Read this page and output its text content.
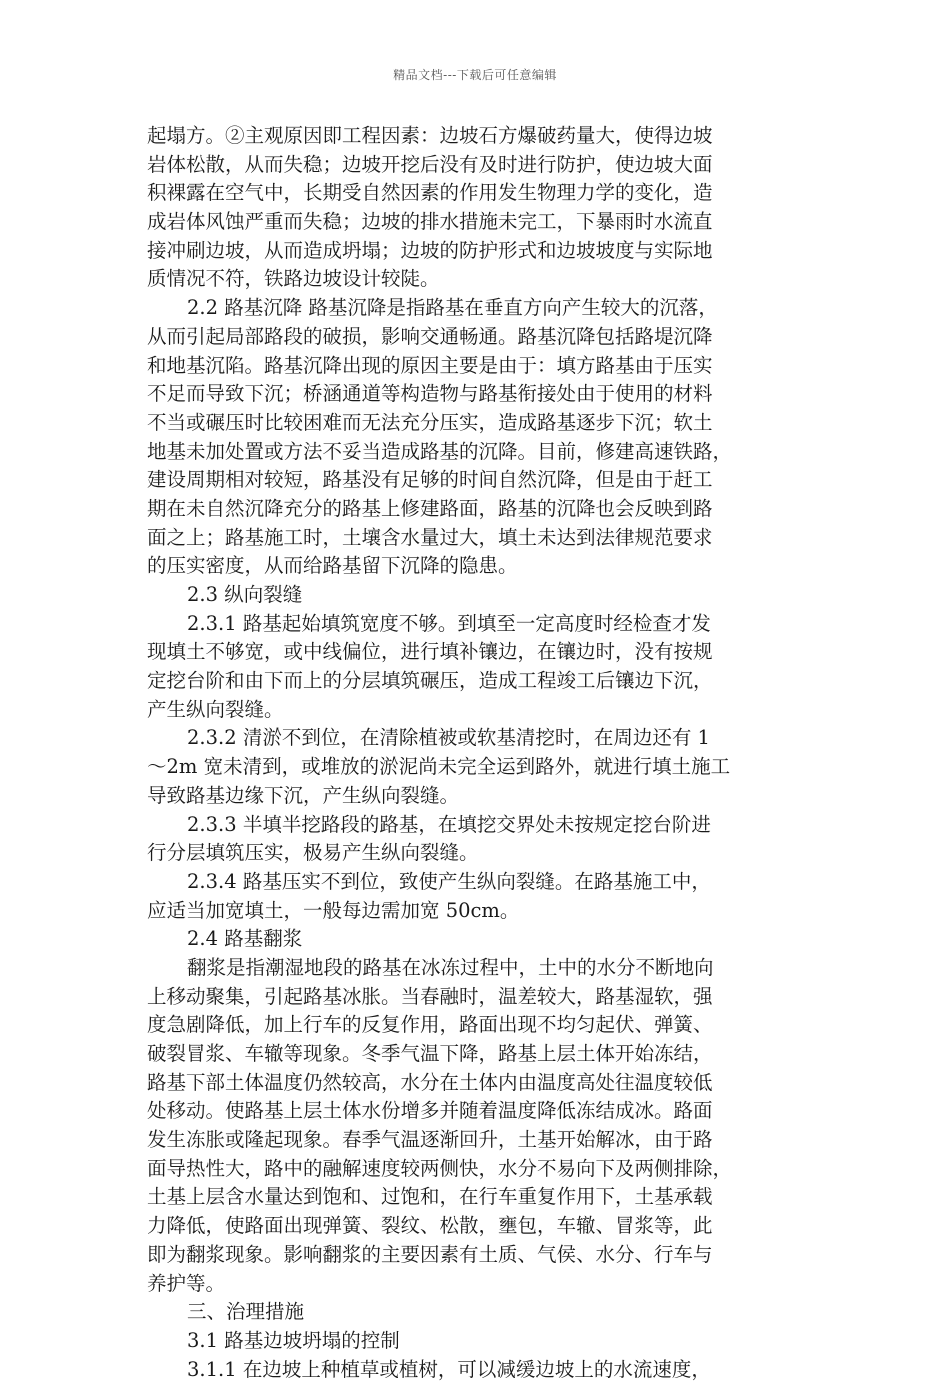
精品文档---下载后可任意编辑
起塌方。②主观原因即工程因素：边坡石方爆破药量大，使得边坡
岩体松散，从而失稳；边坡开挖后没有及时进行防护，使边坡大面
积裸露在空气中，长期受自然因素的作用发生物理力学的变化，造
成岩体风蚀严重而失稳；边坡的排水措施未完工，下暴雨时水流直
接冲刷边坡，从而造成坍塌；边坡的防护形式和边坡坡度与实际地
质情况不符，铁路边坡设计较陡。
2.2 路基沉降 路基沉降是指路基在垂直方向产生较大的沉落，
从而引起局部路段的破损，影响交通畅通。路基沉降包括路堤沉降
和地基沉陷。路基沉降出现的原因主要是由于：填方路基由于压实
不足而导致下沉；桥涵通道等构造物与路基衔接处由于使用的材料
不当或碾压时比较困难而无法充分压实，造成路基逐步下沉；软土
地基未加处置或方法不妥当造成路基的沉降。目前，修建高速铁路，
建设周期相对较短，路基没有足够的时间自然沉降，但是由于赶工
期在未自然沉降充分的路基上修建路面，路基的沉降也会反映到路
面之上；路基施工时，土壤含水量过大，填土未达到法律规范要求
的压实密度，从而给路基留下沉降的隐患。
2.3 纵向裂缝
2.3.1 路基起始填筑宽度不够。到填至一定高度时经检查才发
现填土不够宽，或中线偏位，进行填补镶边，在镶边时，没有按规
定挖台阶和由下而上的分层填筑碾压，造成工程竣工后镶边下沉，
产生纵向裂缝。
2.3.2 清淤不到位，在清除植被或软基清挖时，在周边还有 1
～2m 宽未清到，或堆放的淤泥尚未完全运到路外，就进行填土施工
导致路基边缘下沉，产生纵向裂缝。
2.3.3 半填半挖路段的路基，在填挖交界处未按规定挖台阶进
行分层填筑压实，极易产生纵向裂缝。
2.3.4 路基压实不到位，致使产生纵向裂缝。在路基施工中，
应适当加宽填土，一般每边需加宽 50cm。
2.4 路基翻浆
翻浆是指潮湿地段的路基在冰冻过程中，土中的水分不断地向
上移动聚集，引起路基冰胀。当春融时，温差较大，路基湿软，强
度急剧降低，加上行车的反复作用，路面出现不均匀起伏、弹簧、
破裂冒浆、车辙等现象。冬季气温下降，路基上层土体开始冻结，
路基下部土体温度仍然较高，水分在土体内由温度高处往温度较低
处移动。使路基上层土体水份增多并随着温度降低冻结成冰。路面
发生冻胀或隆起现象。春季气温逐渐回升，土基开始解冰，由于路
面导热性大，路中的融解速度较两侧快，水分不易向下及两侧排除，
土基上层含水量达到饱和、过饱和，在行车重复作用下，土基承载
力降低，使路面出现弹簧、裂纹、松散，壅包，车辙、冒浆等，此
即为翻浆现象。影响翻浆的主要因素有土质、气侯、水分、行车与
养护等。
三、治理措施
3.1 路基边坡坍塌的控制
3.1.1 在边坡上种植草或植树，可以减缓边坡上的水流速度，
